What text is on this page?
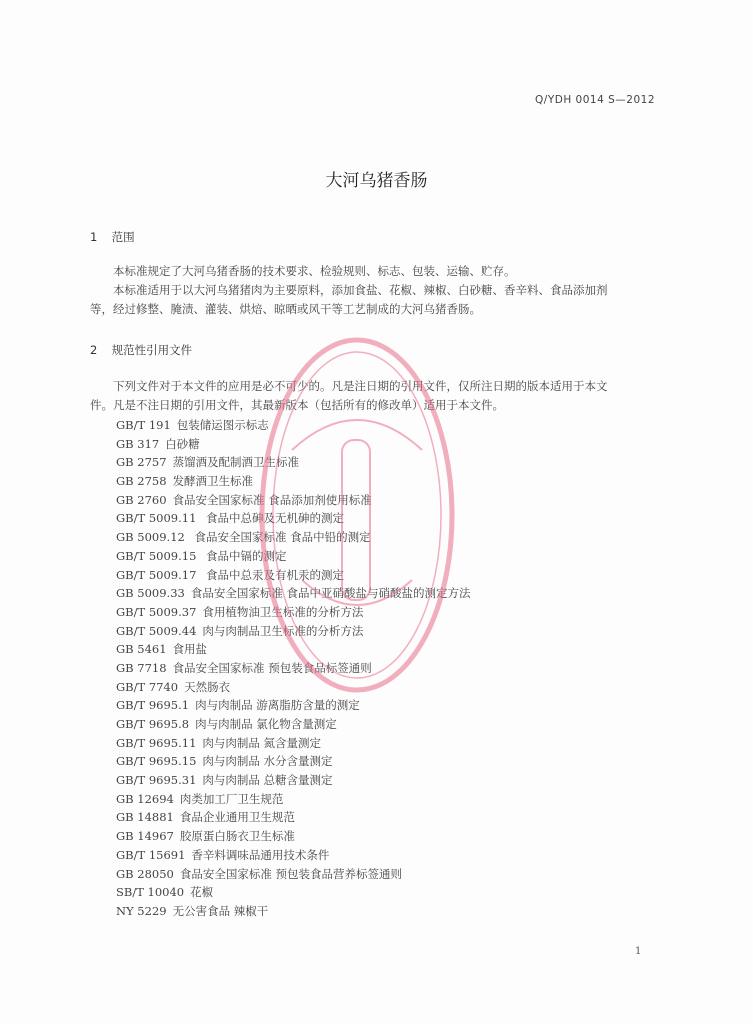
Q/YDH 0014 S—2012
大河乌猪香肠
1 范围
本标准规定了大河乌猪香肠的技术要求、检验规则、标志、包装、运输、贮存。
本标准适用于以大河乌猪猪肉为主要原料，添加食盐、花椒、辣椒、白砂糖、香辛料、食品添加剂
等，经过修整、腌渍、灌装、烘焙、晾晒或风干等工艺制成的大河乌猪香肠。
2 规范性引用文件
下列文件对于本文件的应用是必不可少的。凡是注日期的引用文件，仅所注日期的版本适用于本文
件。凡是不注日期的引用文件，其最新版本（包括所有的修改单）适用于本文件。
GB/T 191 包装储运图示标志
GB 317 白砂糖
GB 2757 蒸馏酒及配制酒卫生标准
GB 2758 发酵酒卫生标准
GB 2760 食品安全国家标准 食品添加剂使用标准
GB/T 5009.11 食品中总砷及无机砷的测定
GB 5009.12 食品安全国家标准 食品中铅的测定
GB/T 5009.15 食品中镉的测定
GB/T 5009.17 食品中总汞及有机汞的测定
GB 5009.33 食品安全国家标准 食品中亚硝酸盐与硝酸盐的测定方法
GB/T 5009.37 食用植物油卫生标准的分析方法
GB/T 5009.44 肉与肉制品卫生标准的分析方法
GB 5461 食用盐
GB 7718 食品安全国家标准 预包装食品标签通则
GB/T 7740 天然肠衣
GB/T 9695.1 肉与肉制品 游离脂肪含量的测定
GB/T 9695.8 肉与肉制品 氯化物含量测定
GB/T 9695.11 肉与肉制品 氮含量测定
GB/T 9695.15 肉与肉制品 水分含量测定
GB/T 9695.31 肉与肉制品 总糖含量测定
GB 12694 肉类加工厂卫生规范
GB 14881 食品企业通用卫生规范
GB 14967 胶原蛋白肠衣卫生标准
GB/T 15691 香辛料调味品通用技术条件
GB 28050 食品安全国家标准 预包装食品营养标签通则
SB/T 10040 花椒
NY 5229 无公害食品 辣椒干
1
